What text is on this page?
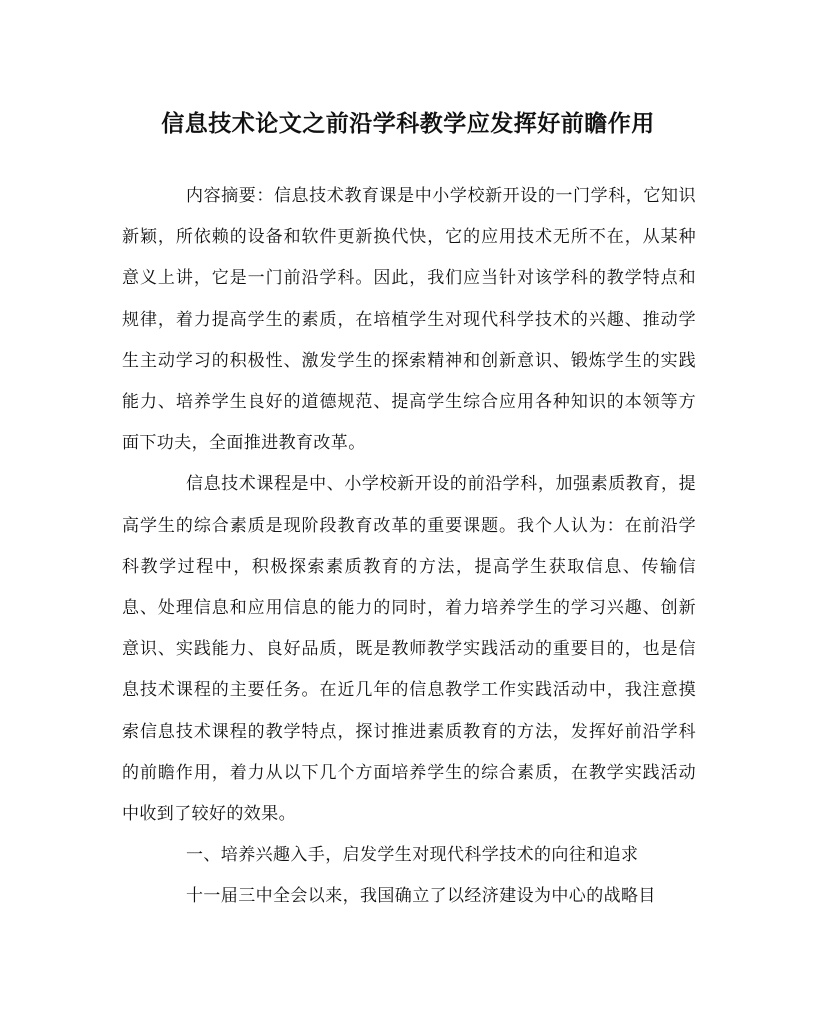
信息技术论文之前沿学科教学应发挥好前瞻作用

内容摘要：信息技术教育课是中小学校新开设的一门学科，它知识新颖，所依赖的设备和软件更新换代快，它的应用技术无所不在，从某种意义上讲，它是一门前沿学科。因此，我们应当针对该学科的教学特点和规律，着力提高学生的素质，在培植学生对现代科学技术的兴趣、推动学生主动学习的积极性、激发学生的探索精神和创新意识、锻炼学生的实践能力、培养学生良好的道德规范、提高学生综合应用各种知识的本领等方面下功夫，全面推进教育改革。

信息技术课程是中、小学校新开设的前沿学科，加强素质教育，提高学生的综合素质是现阶段教育改革的重要课题。我个人认为：在前沿学科教学过程中，积极探索素质教育的方法，提高学生获取信息、传输信息、处理信息和应用信息的能力的同时，着力培养学生的学习兴趣、创新意识、实践能力、良好品质，既是教师教学实践活动的重要目的，也是信息技术课程的主要任务。在近几年的信息教学工作实践活动中，我注意摸索信息技术课程的教学特点，探讨推进素质教育的方法，发挥好前沿学科的前瞻作用，着力从以下几个方面培养学生的综合素质，在教学实践活动中收到了较好的效果。

一、培养兴趣入手，启发学生对现代科学技术的向往和追求

十一届三中全会以来，我国确立了以经济建设为中心的战略目
